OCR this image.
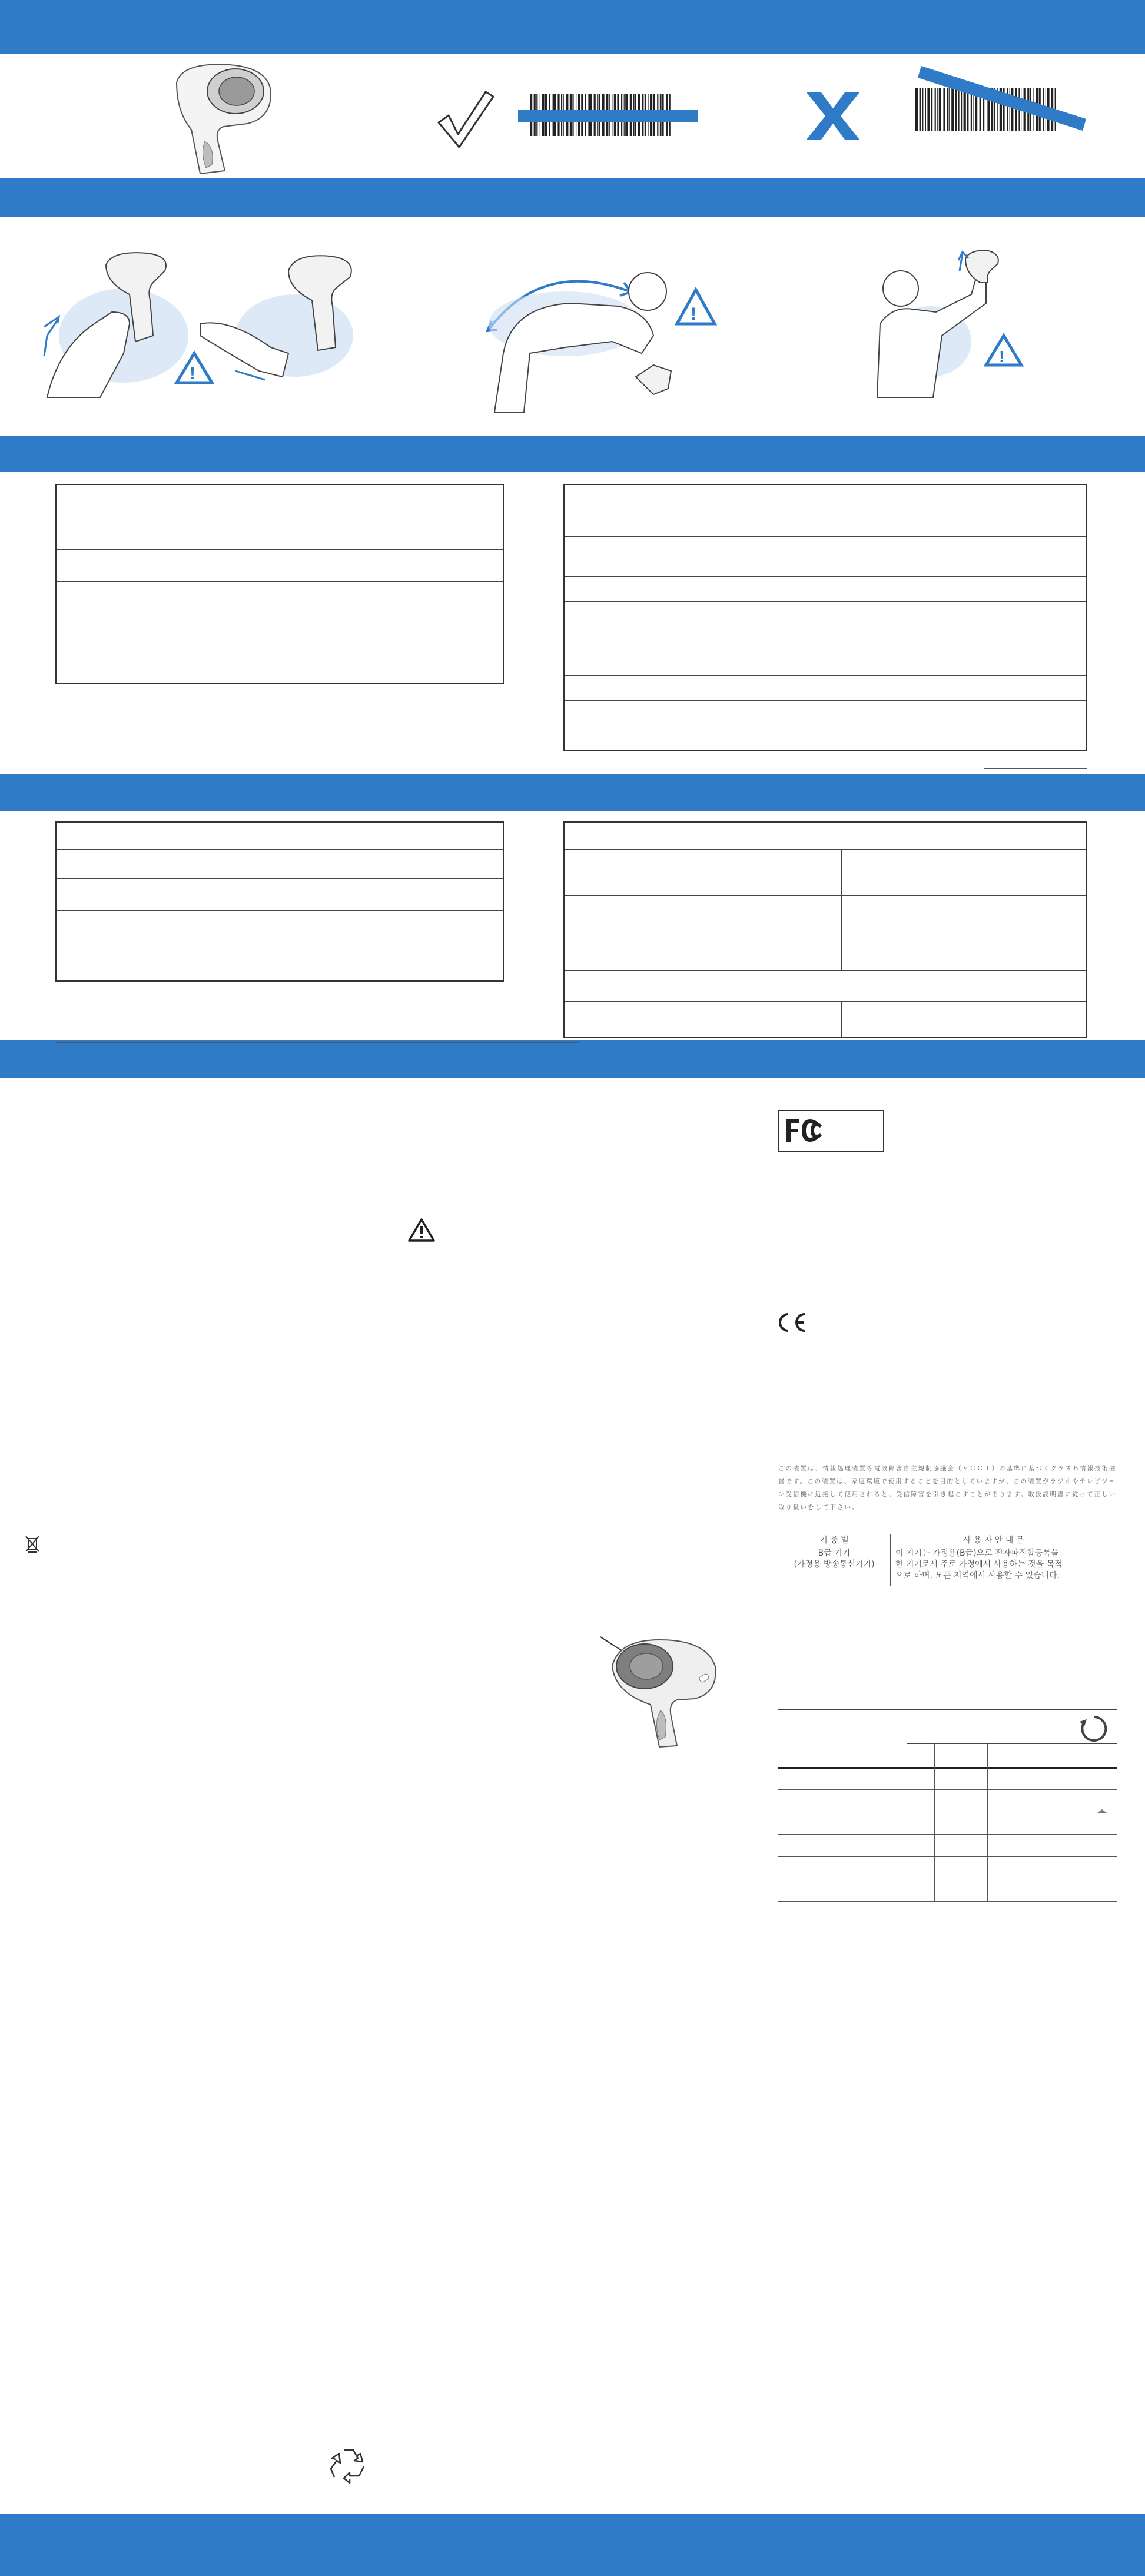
!
!
!

この装置は、情報処理装置等電波障害自主規制協議会（ＶＣＣＩ）の基準に基づくクラスＢ情報技術装置です。この装置は、家庭環境で使用することを目的としていますが、この装置がラジオやテレビジョン受信機に近接して使用されると、受信障害を引き起こすことがあります。取扱説明書に従って正しい取り扱いをして下さい。
기 종 별	사 용 자 안 내 문
B급 기기
(가정용 방송통신기기)	이 기기는 가정용(B급)으로 전자파적합등록을
한 기기로서 주로 가정에서 사용하는 것을 목적
으로 하며, 모든 지역에서 사용할 수 있습니다.
